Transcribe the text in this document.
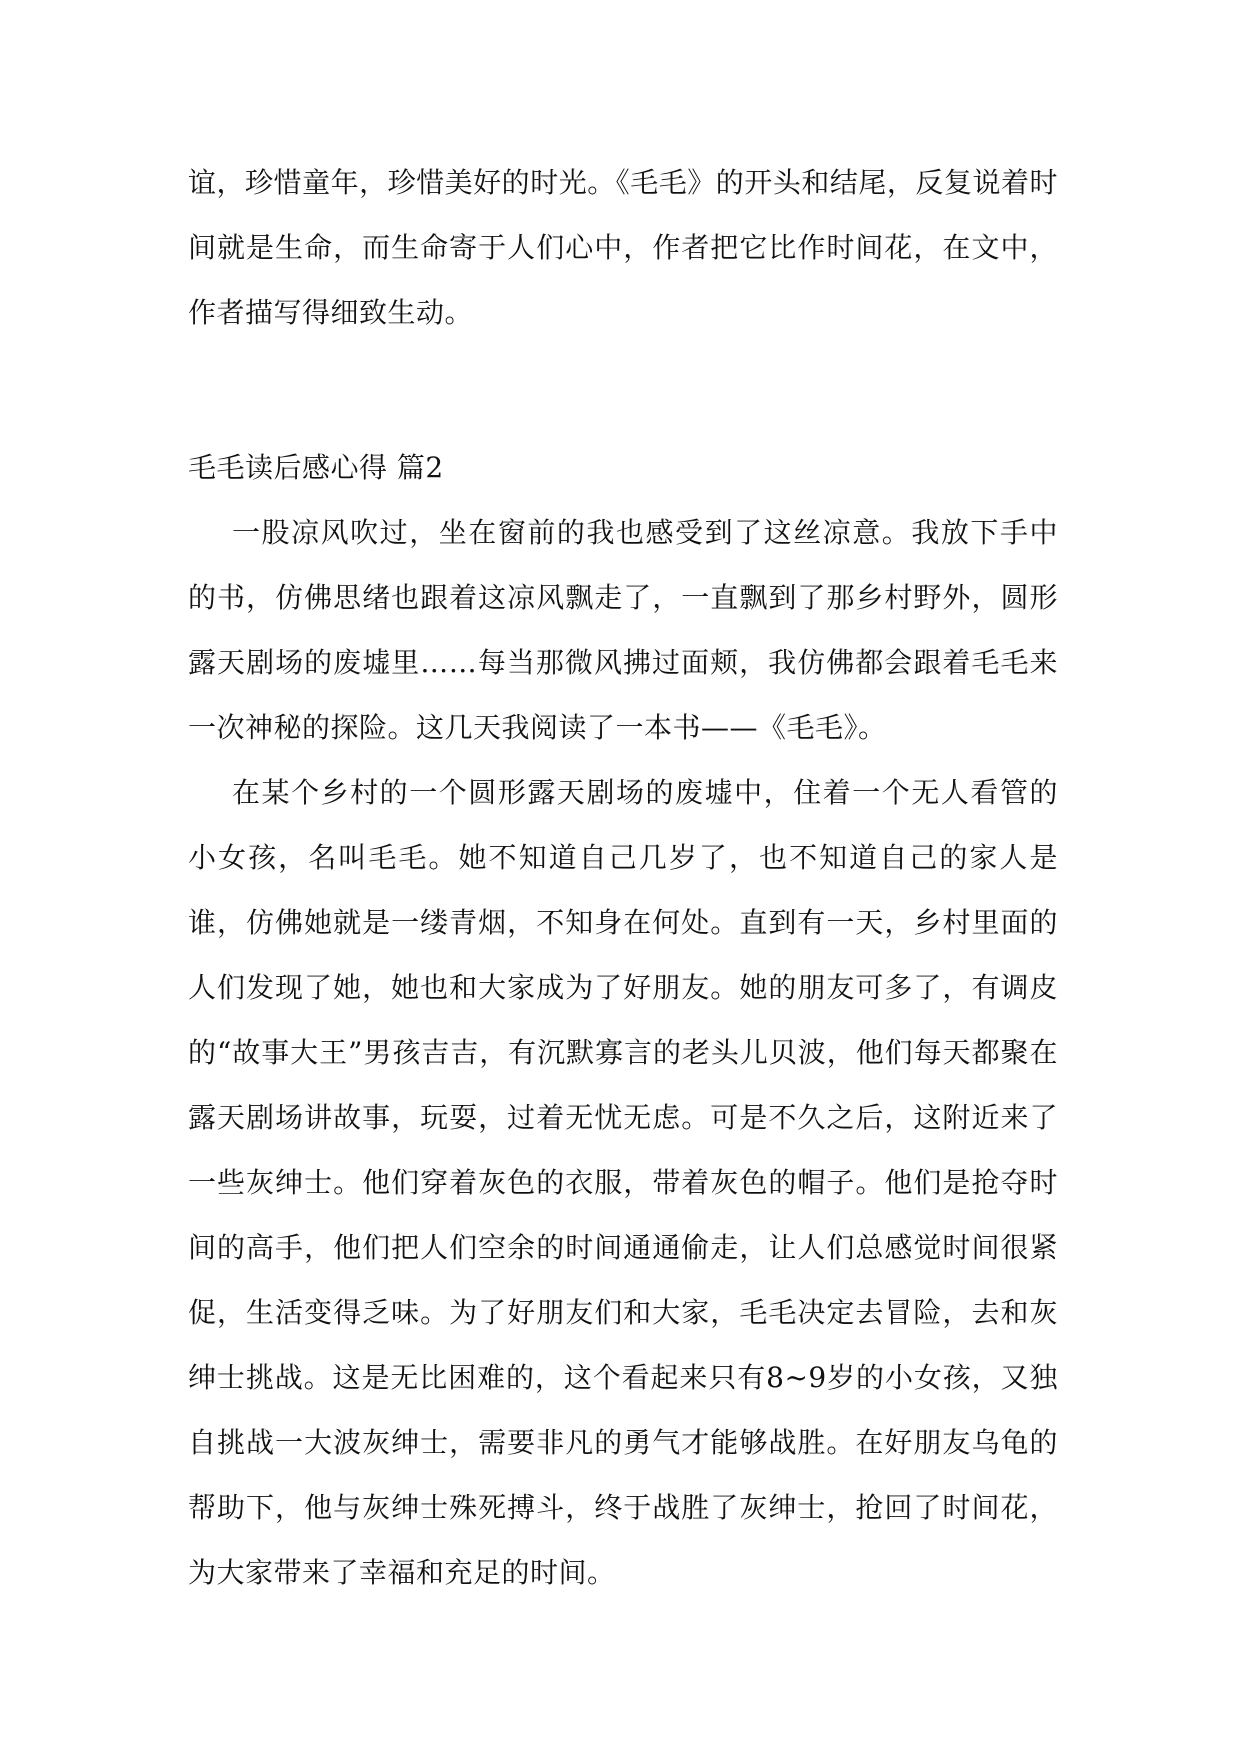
谊，珍惜童年，珍惜美好的时光。《毛毛》的开头和结尾，反复说着时间就是生命，而生命寄于人们心中，作者把它比作时间花，在文中，作者描写得细致生动。

毛毛读后感心得 篇2

一股凉风吹过，坐在窗前的我也感受到了这丝凉意。我放下手中的书，仿佛思绪也跟着这凉风飘走了，一直飘到了那乡村野外，圆形露天剧场的废墟里……每当那微风拂过面颊，我仿佛都会跟着毛毛来一次神秘的探险。这几天我阅读了一本书——《毛毛》。

在某个乡村的一个圆形露天剧场的废墟中，住着一个无人看管的小女孩，名叫毛毛。她不知道自己几岁了，也不知道自己的家人是谁，仿佛她就是一缕青烟，不知身在何处。直到有一天，乡村里面的人们发现了她，她也和大家成为了好朋友。她的朋友可多了，有调皮的“故事大王”男孩吉吉，有沉默寡言的老头儿贝波，他们每天都聚在露天剧场讲故事，玩耍，过着无忧无虑。可是不久之后，这附近来了一些灰绅士。他们穿着灰色的衣服，带着灰色的帽子。他们是抢夺时间的高手，他们把人们空余的时间通通偷走，让人们总感觉时间很紧促，生活变得乏味。为了好朋友们和大家，毛毛决定去冒险，去和灰绅士挑战。这是无比困难的，这个看起来只有8~9岁的小女孩，又独自挑战一大波灰绅士，需要非凡的勇气才能够战胜。在好朋友乌龟的帮助下，他与灰绅士殊死搏斗，终于战胜了灰绅士，抢回了时间花，为大家带来了幸福和充足的时间。
